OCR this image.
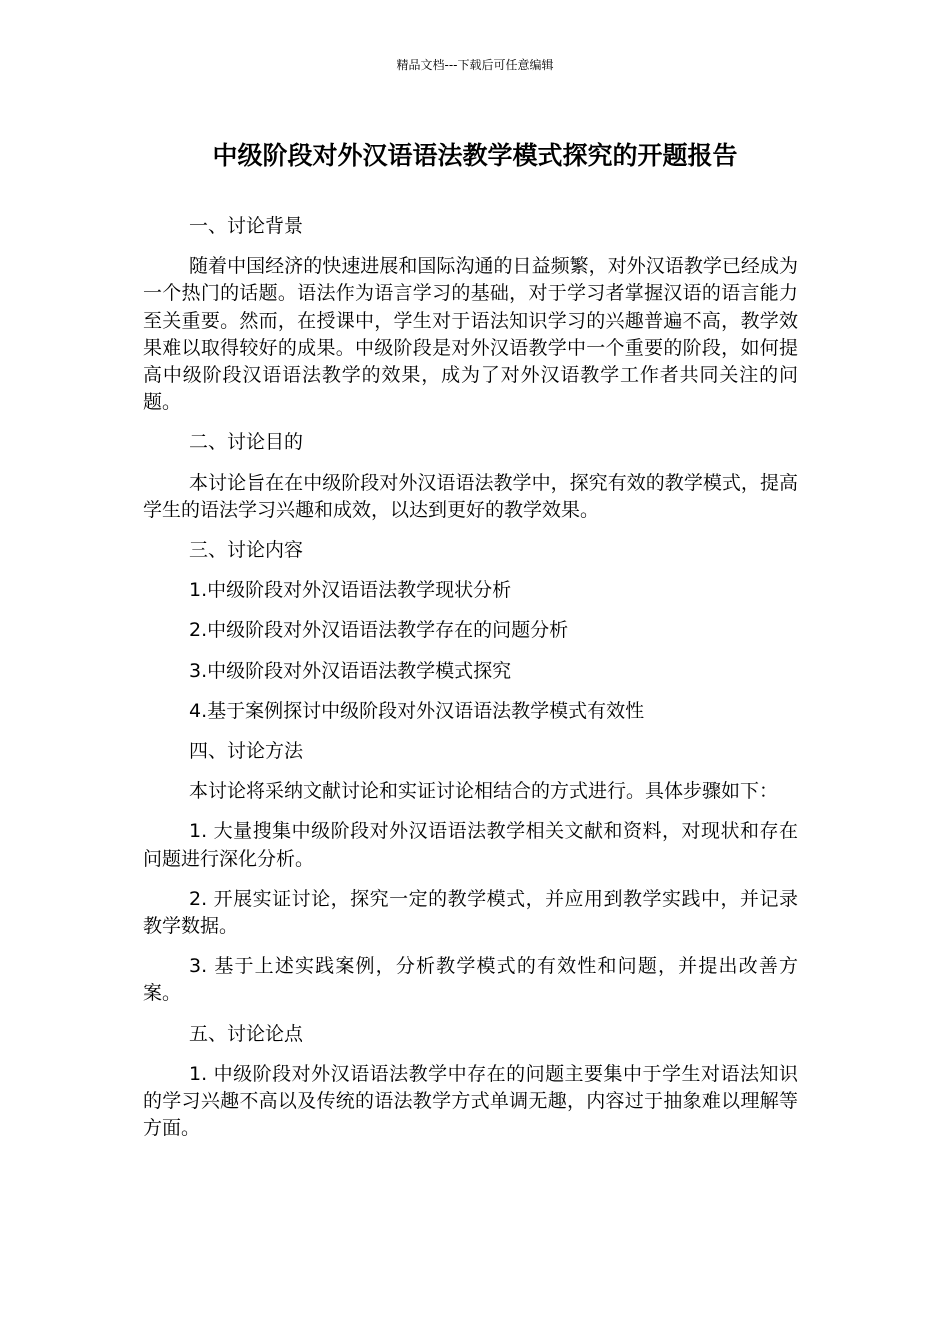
精品文档---下载后可任意编辑
中级阶段对外汉语语法教学模式探究的开题报告

一、讨论背景

随着中国经济的快速进展和国际沟通的日益频繁，对外汉语教学已经成为一个热门的话题。语法作为语言学习的基础，对于学习者掌握汉语的语言能力至关重要。然而，在授课中，学生对于语法知识学习的兴趣普遍不高，教学效果难以取得较好的成果。中级阶段是对外汉语教学中一个重要的阶段，如何提高中级阶段汉语语法教学的效果，成为了对外汉语教学工作者共同关注的问题。

二、讨论目的

本讨论旨在在中级阶段对外汉语语法教学中，探究有效的教学模式，提高学生的语法学习兴趣和成效，以达到更好的教学效果。

三、讨论内容

1.中级阶段对外汉语语法教学现状分析

2.中级阶段对外汉语语法教学存在的问题分析

3.中级阶段对外汉语语法教学模式探究

4.基于案例探讨中级阶段对外汉语语法教学模式有效性

四、讨论方法

本讨论将采纳文献讨论和实证讨论相结合的方式进行。具体步骤如下：

1. 大量搜集中级阶段对外汉语语法教学相关文献和资料，对现状和存在问题进行深化分析。

2. 开展实证讨论，探究一定的教学模式，并应用到教学实践中，并记录教学数据。

3. 基于上述实践案例，分析教学模式的有效性和问题，并提出改善方案。

五、讨论论点

1. 中级阶段对外汉语语法教学中存在的问题主要集中于学生对语法知识的学习兴趣不高以及传统的语法教学方式单调无趣，内容过于抽象难以理解等方面。
